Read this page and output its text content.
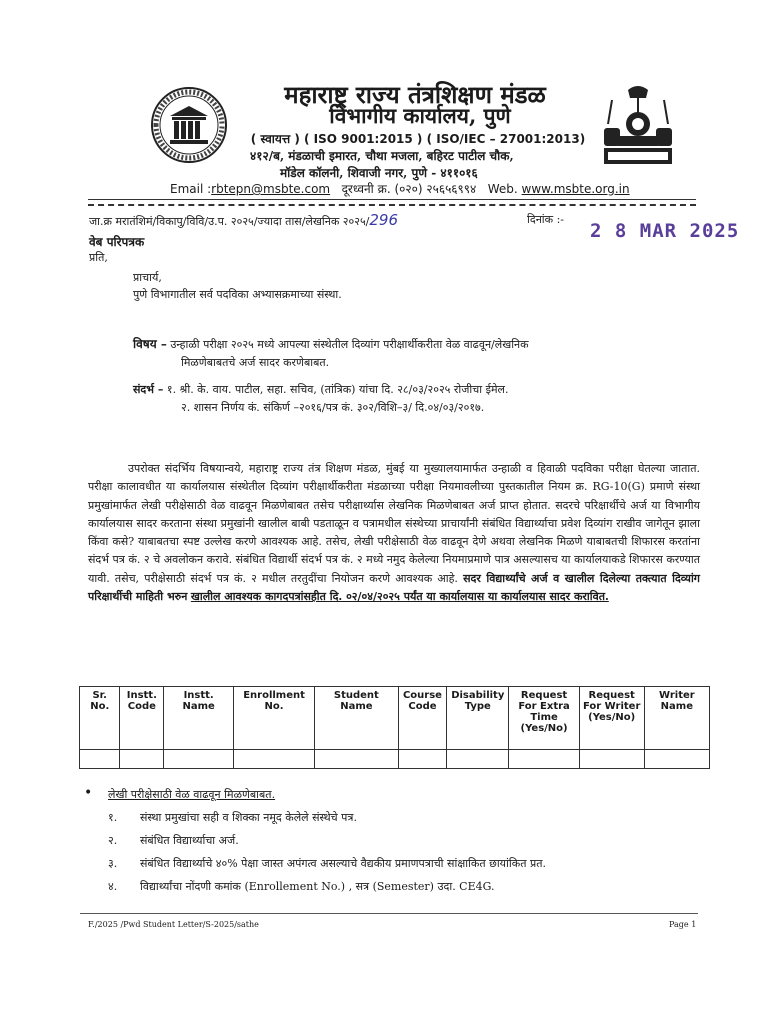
महाराष्ट्र राज्य तंत्रशिक्षण मंडळ
विभागीय कार्यालय, पुणे
( स्वायत्त ) ( ISO 9001:2015 ) ( ISO/IEC – 27001:2013)
४१२/ब, मंडळाची इमारत, चौथा मजला, बहिरट पाटील चौक,
मॉडेल कॉलनी, शिवाजी नगर, पुणे - ४११०१६
Email :rbtepn@msbte.com दूरध्वनी क्र. (०२०) २५६५६९९४ Web. www.msbte.org.in
जा.क्र मरातंशिमं/विकापु/विवि/उ.प. २०२५/ज्यादा तास/लेखनिक २०२५/296	दिनांक :-
2 8 MAR 2025
वेब परिपत्रक
प्रति,
प्राचार्य,
पुणे विभागातील सर्व पदविका अभ्यासक्रमाच्या संस्था.
विषय – उन्हाळी परीक्षा २०२५ मध्ये आपल्या संस्थेतील दिव्यांग परीक्षार्थीकरीता वेळ वाढवून/लेखनिक
मिळणेबाबतचे अर्ज सादर करणेबाबत.
संदर्भ – १. श्री. के. वाय. पाटील, सहा. सचिव, (तांत्रिक) यांचा दि. २८/०३/२०२५ रोजीचा ईमेल.
२. शासन निर्णय कं. संकिर्ण –२०१६/पत्र कं. ३०२/विशि–३/ दि.०४/०३/२०१७.
उपरोक्त संदर्भिय विषयान्वये, महाराष्ट्र राज्य तंत्र शिक्षण मंडळ, मुंबई या मुख्यालयामार्फत उन्हाळी व हिवाळी पदविका परीक्षा घेतल्या जातात. परीक्षा कालावधीत या कार्यालयास संस्थेतील दिव्यांग परीक्षार्थीकरीता मंडळाच्या परीक्षा नियमावलीच्या पुस्तकातील नियम क्र. RG-10(G) प्रमाणे संस्था प्रमुखांमार्फत लेखी परीक्षेसाठी वेळ वाढवून मिळणेबाबत तसेच परीक्षार्थ्यास लेखनिक मिळणेबाबत अर्ज प्राप्त होतात. सदरचे परिक्षार्थीचे अर्ज या विभागीय कार्यालयास सादर करताना संस्था प्रमुखांनी खालील बाबी पडताळून व पत्रामधील संस्थेच्या प्राचार्यांनी संबंधित विद्यार्थ्याचा प्रवेश दिव्यांग राखीव जागेतून झाला किंवा कसे? याबाबतचा स्पष्ट उल्लेख करणे आवश्यक आहे. तसेच, लेखी परीक्षेसाठी वेळ वाढवून देणे अथवा लेखनिक मिळणे याबाबतची शिफारस करतांना संदर्भ पत्र कं. २ चे अवलोकन करावे. संबंधित विद्यार्थी संदर्भ पत्र कं. २ मध्ये नमुद केलेल्या नियमाप्रमाणे पात्र असल्यासच या कार्यालयाकडे शिफारस करण्यात यावी. तसेच, परीक्षेसाठी संदर्भ पत्र कं. २ मधील तरतुदींचा नियोजन करणे आवश्यक आहे. सदर विद्यार्थ्यांचे अर्ज व खालील दिलेल्या तक्त्यात दिव्यांग परिक्षार्थीची माहिती भरुन खालील आवश्यक कागदपत्रांसहीत दि. ०२/०४/२०२५ पर्यंत या कार्यालयास या कार्यालयास सादर करावित.
Sr. No.	Instt. Code	Instt. Name	Enrollment No.	Student Name	Course Code	Disability Type	Request For Extra Time (Yes/No)	Request For Writer (Yes/No)	Writer Name

• लेखी परीक्षेसाठी वेळ वाढवून मिळणेबाबत.
१. संस्था प्रमुखांचा सही व शिक्का नमूद केलेले संस्थेचे पत्र.
२. संबंधित विद्यार्थ्याचा अर्ज.
३. संबंधित विद्यार्थ्याचे ४०% पेक्षा जास्त अपंगत्व असल्याचे वैद्यकीय प्रमाणपत्राची सांक्षाकित छायांकित प्रत.
४. विद्यार्थ्यांचा नोंदणी कमांक (Enrollement No.) , सत्र (Semester) उदा. CE4G.
F./2025 /Pwd Student Letter/S-2025/sathe	Page 1
